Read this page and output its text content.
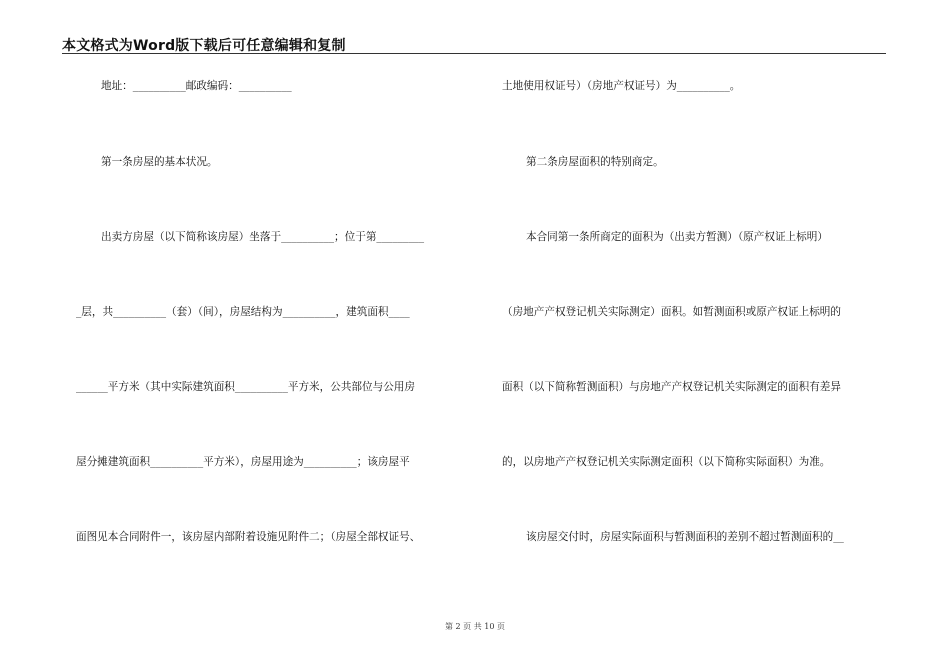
本文格式为Word版下载后可任意编辑和复制
地址：__________邮政编码：__________
第一条房屋的基本状况。
出卖方房屋（以下简称该房屋）坐落于__________；位于第_________
_层，共__________（套）（间），房屋结构为__________，建筑面积____
______平方米（其中实际建筑面积__________平方米，公共部位与公用房
屋分摊建筑面积__________平方米），房屋用途为__________；该房屋平
面图见本合同附件一，该房屋内部附着设施见附件二；（房屋全部权证号、
土地使用权证号）（房地产权证号）为__________。
第二条房屋面积的特别商定。
本合同第一条所商定的面积为（出卖方暂测）（原产权证上标明）
（房地产产权登记机关实际测定）面积。如暂测面积或原产权证上标明的
面积（以下简称暂测面积）与房地产产权登记机关实际测定的面积有差异
的，以房地产产权登记机关实际测定面积（以下简称实际面积）为准。
该房屋交付时，房屋实际面积与暂测面积的差别不超过暂测面积的__
第 2 页 共 10 页
